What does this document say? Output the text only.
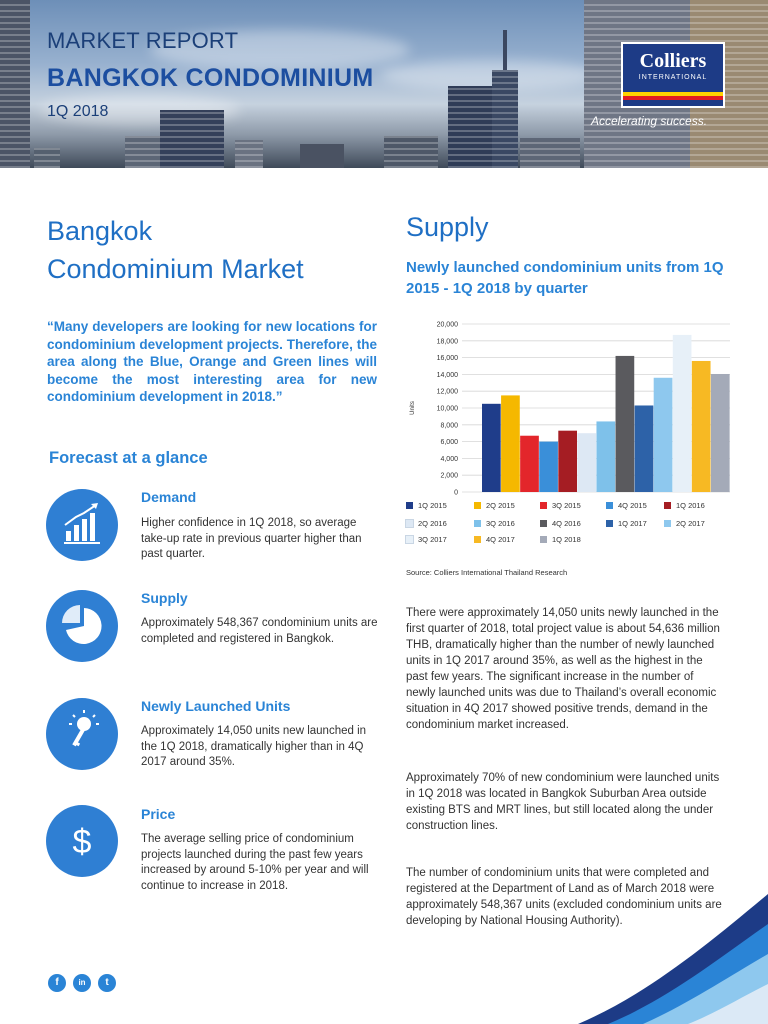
MARKET REPORT
BANGKOK CONDOMINIUM
1Q 2018
Colliers
INTERNATIONAL
Accelerating success.
Bangkok
Condominium Market
“Many developers are looking for new locations for condominium development projects. Therefore, the area along the Blue, Orange and Green lines will become the most interesting area for new condominium development in 2018.”
Forecast at a glance
Demand
Higher confidence in 1Q 2018, so average take-up rate in previous quarter higher than past quarter.
Supply
Approximately 548,367 condominium units are completed and registered in Bangkok.
Newly Launched Units
Approximately 14,050 units new launched in the 1Q 2018, dramatically higher than in 4Q 2017 around 35%.
$
Price
The average selling price of condominium projects launched during the past few years increased by around 5-10% per year and will continue to increase in 2018.
f	in	t
Supply
Newly launched condominium units from 1Q 2015 - 1Q 2018 by quarter
0
2,000
4,000
6,000
8,000
10,000
12,000
14,000
16,000
18,000
20,000
Units
1Q 2015	2Q 2015	3Q 2015	4Q 2015	1Q 2016
2Q 2016	3Q 2016	4Q 2016	1Q 2017	2Q 2017
3Q 2017	4Q 2017	1Q 2018
Source: Colliers International Thailand Research
There were approximately 14,050 units newly launched in the first quarter of 2018, total project value is about 54,636 million THB, dramatically higher than the number of newly launched units in 1Q 2017 around 35%, as well as the highest in the past few years. The significant increase in the number of newly launched units was due to Thailand’s overall economic situation in 4Q 2017 showed positive trends, demand in the condominium market increased.
Approximately 70% of new condominium were launched units in 1Q 2018 was located in Bangkok Suburban Area outside existing BTS and MRT lines, but still located along the under construction lines.
The number of condominium units that were completed and registered at the Department of Land as of March 2018 were approximately 548,367 units (excluded condominium units are developing by National Housing Authority).
